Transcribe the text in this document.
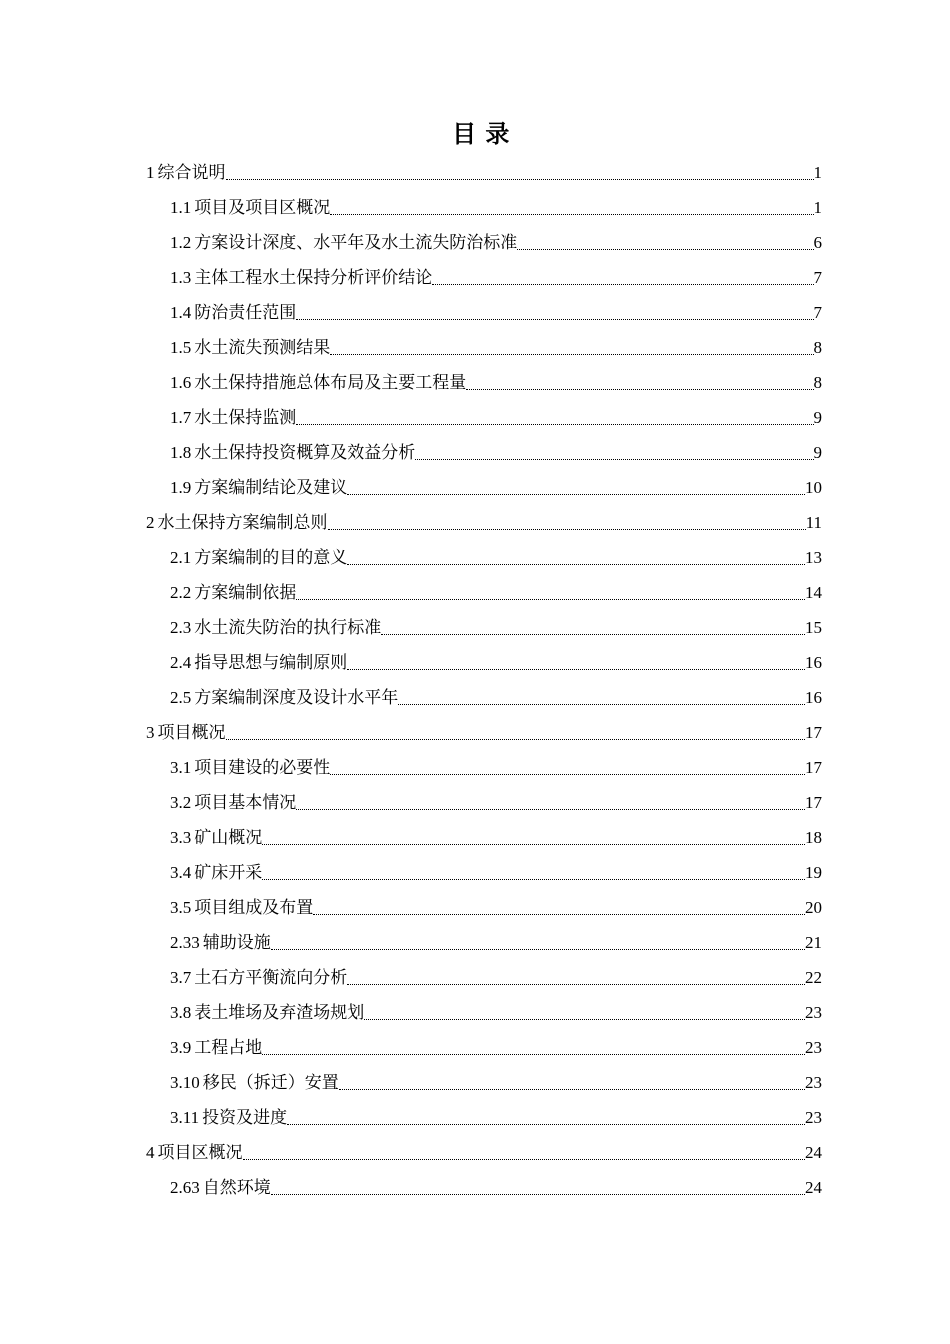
目 录
1 综合说明	1
1.1 项目及项目区概况	1
1.2 方案设计深度、水平年及水土流失防治标准	6
1.3 主体工程水土保持分析评价结论	7
1.4 防治责任范围	7
1.5 水土流失预测结果	8
1.6 水土保持措施总体布局及主要工程量	8
1.7 水土保持监测	9
1.8 水土保持投资概算及效益分析	9
1.9 方案编制结论及建议	10
2 水土保持方案编制总则	11
2.1 方案编制的目的意义	13
2.2 方案编制依据	14
2.3 水土流失防治的执行标准	15
2.4 指导思想与编制原则	16
2.5 方案编制深度及设计水平年	16
3 项目概况	17
3.1 项目建设的必要性	17
3.2 项目基本情况	17
3.3 矿山概况	18
3.4 矿床开采	19
3.5 项目组成及布置	20
2.33 辅助设施	21
3.7 土石方平衡流向分析	22
3.8 表土堆场及弃渣场规划	23
3.9 工程占地	23
3.10 移民（拆迁）安置	23
3.11 投资及进度	23
4 项目区概况	24
2.63 自然环境	24
